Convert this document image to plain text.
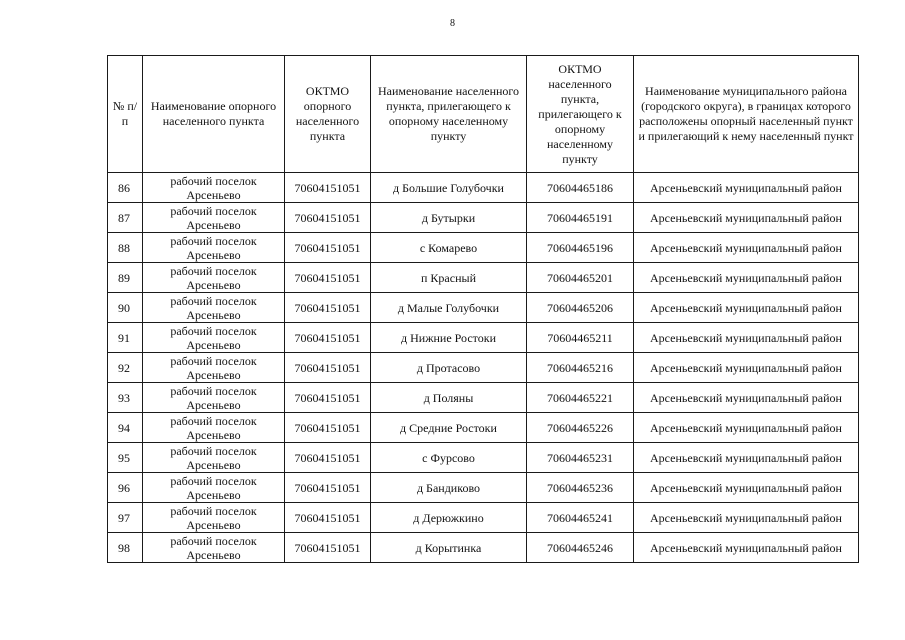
8
№ п/п	Наименование опорного населенного пункта	ОКТМО опорного населенного пункта	Наименование населенного пункта, прилегающего к опорному населенному пункту	ОКТМО населенного пункта, прилегающего к опорному населенному пункту	Наименование муниципального района (городского округа), в границах которого расположены опорный населенный пункт и прилегающий к нему населенный пункт
86	рабочий поселок
Арсеньево	70604151051	д Большие Голубочки	70604465186	Арсеньевский муниципальный район
87	рабочий поселок
Арсеньево	70604151051	д Бутырки	70604465191	Арсеньевский муниципальный район
88	рабочий поселок
Арсеньево	70604151051	с Комарево	70604465196	Арсеньевский муниципальный район
89	рабочий поселок
Арсеньево	70604151051	п Красный	70604465201	Арсеньевский муниципальный район
90	рабочий поселок
Арсеньево	70604151051	д Малые Голубочки	70604465206	Арсеньевский муниципальный район
91	рабочий поселок
Арсеньево	70604151051	д Нижние Ростоки	70604465211	Арсеньевский муниципальный район
92	рабочий поселок
Арсеньево	70604151051	д Протасово	70604465216	Арсеньевский муниципальный район
93	рабочий поселок
Арсеньево	70604151051	д Поляны	70604465221	Арсеньевский муниципальный район
94	рабочий поселок
Арсеньево	70604151051	д Средние Ростоки	70604465226	Арсеньевский муниципальный район
95	рабочий поселок
Арсеньево	70604151051	с Фурсово	70604465231	Арсеньевский муниципальный район
96	рабочий поселок
Арсеньево	70604151051	д Бандиково	70604465236	Арсеньевский муниципальный район
97	рабочий поселок
Арсеньево	70604151051	д Дерюжкино	70604465241	Арсеньевский муниципальный район
98	рабочий поселок
Арсеньево	70604151051	д Корытинка	70604465246	Арсеньевский муниципальный район
